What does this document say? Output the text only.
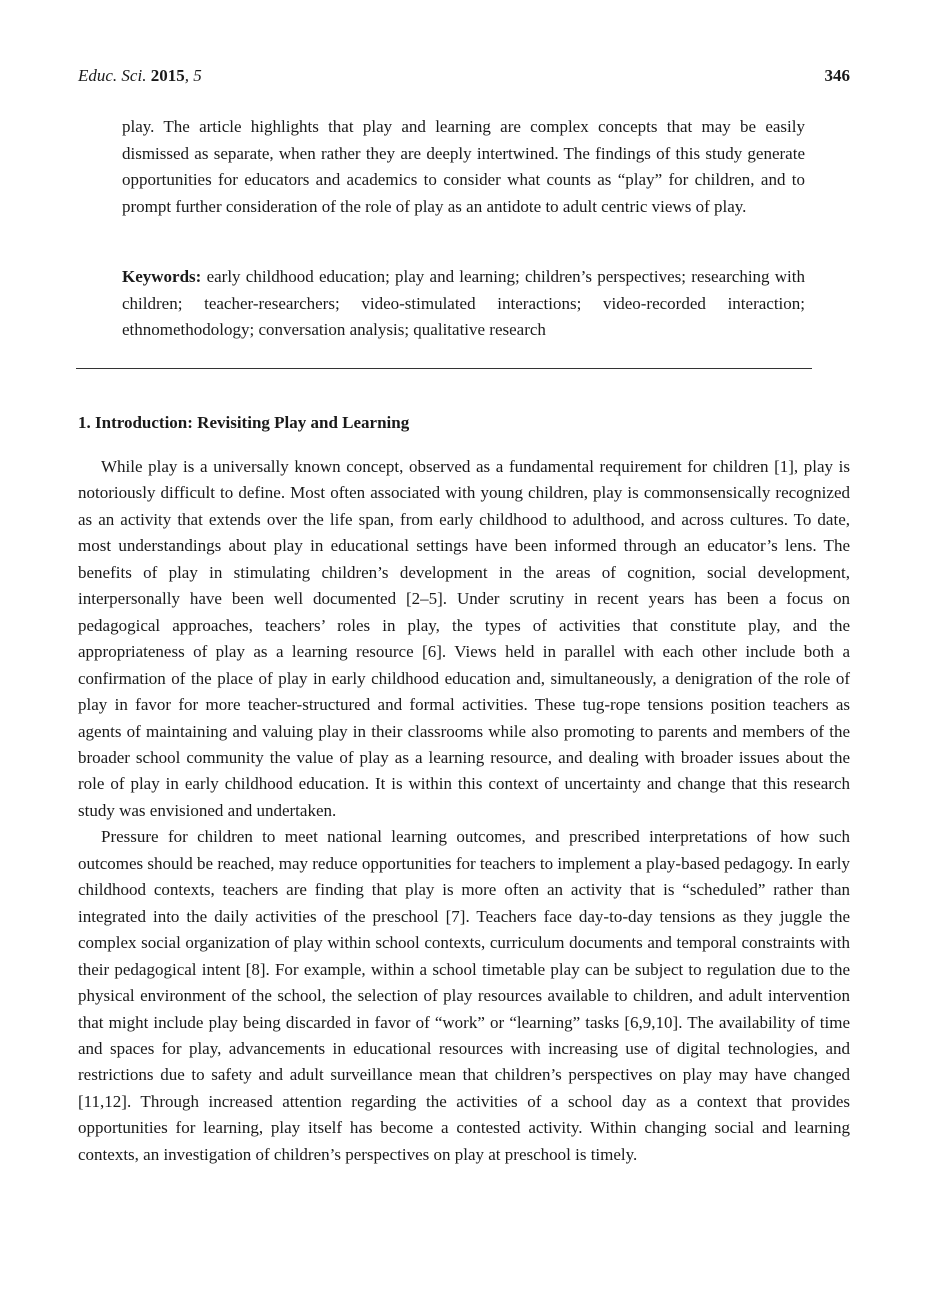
Educ. Sci. 2015, 5	346
play. The article highlights that play and learning are complex concepts that may be easily dismissed as separate, when rather they are deeply intertwined. The findings of this study generate opportunities for educators and academics to consider what counts as “play” for children, and to prompt further consideration of the role of play as an antidote to adult centric views of play.
Keywords: early childhood education; play and learning; children’s perspectives; researching with children; teacher-researchers; video-stimulated interactions; video-recorded interaction; ethnomethodology; conversation analysis; qualitative research
1. Introduction: Revisiting Play and Learning

While play is a universally known concept, observed as a fundamental requirement for children [1], play is notoriously difficult to define. Most often associated with young children, play is commonsensically recognized as an activity that extends over the life span, from early childhood to adulthood, and across cultures. To date, most understandings about play in educational settings have been informed through an educator’s lens. The benefits of play in stimulating children’s development in the areas of cognition, social development, interpersonally have been well documented [2–5]. Under scrutiny in recent years has been a focus on pedagogical approaches, teachers’ roles in play, the types of activities that constitute play, and the appropriateness of play as a learning resource [6]. Views held in parallel with each other include both a confirmation of the place of play in early childhood education and, simultaneously, a denigration of the role of play in favor for more teacher-structured and formal activities. These tug-rope tensions position teachers as agents of maintaining and valuing play in their classrooms while also promoting to parents and members of the broader school community the value of play as a learning resource, and dealing with broader issues about the role of play in early childhood education. It is within this context of uncertainty and change that this research study was envisioned and undertaken.

Pressure for children to meet national learning outcomes, and prescribed interpretations of how such outcomes should be reached, may reduce opportunities for teachers to implement a play-based pedagogy. In early childhood contexts, teachers are finding that play is more often an activity that is “scheduled” rather than integrated into the daily activities of the preschool [7]. Teachers face day-to-day tensions as they juggle the complex social organization of play within school contexts, curriculum documents and temporal constraints with their pedagogical intent [8]. For example, within a school timetable play can be subject to regulation due to the physical environment of the school, the selection of play resources available to children, and adult intervention that might include play being discarded in favor of “work” or “learning” tasks [6,9,10]. The availability of time and spaces for play, advancements in educational resources with increasing use of digital technologies, and restrictions due to safety and adult surveillance mean that children’s perspectives on play may have changed [11,12]. Through increased attention regarding the activities of a school day as a context that provides opportunities for learning, play itself has become a contested activity. Within changing social and learning contexts, an investigation of children’s perspectives on play at preschool is timely.
